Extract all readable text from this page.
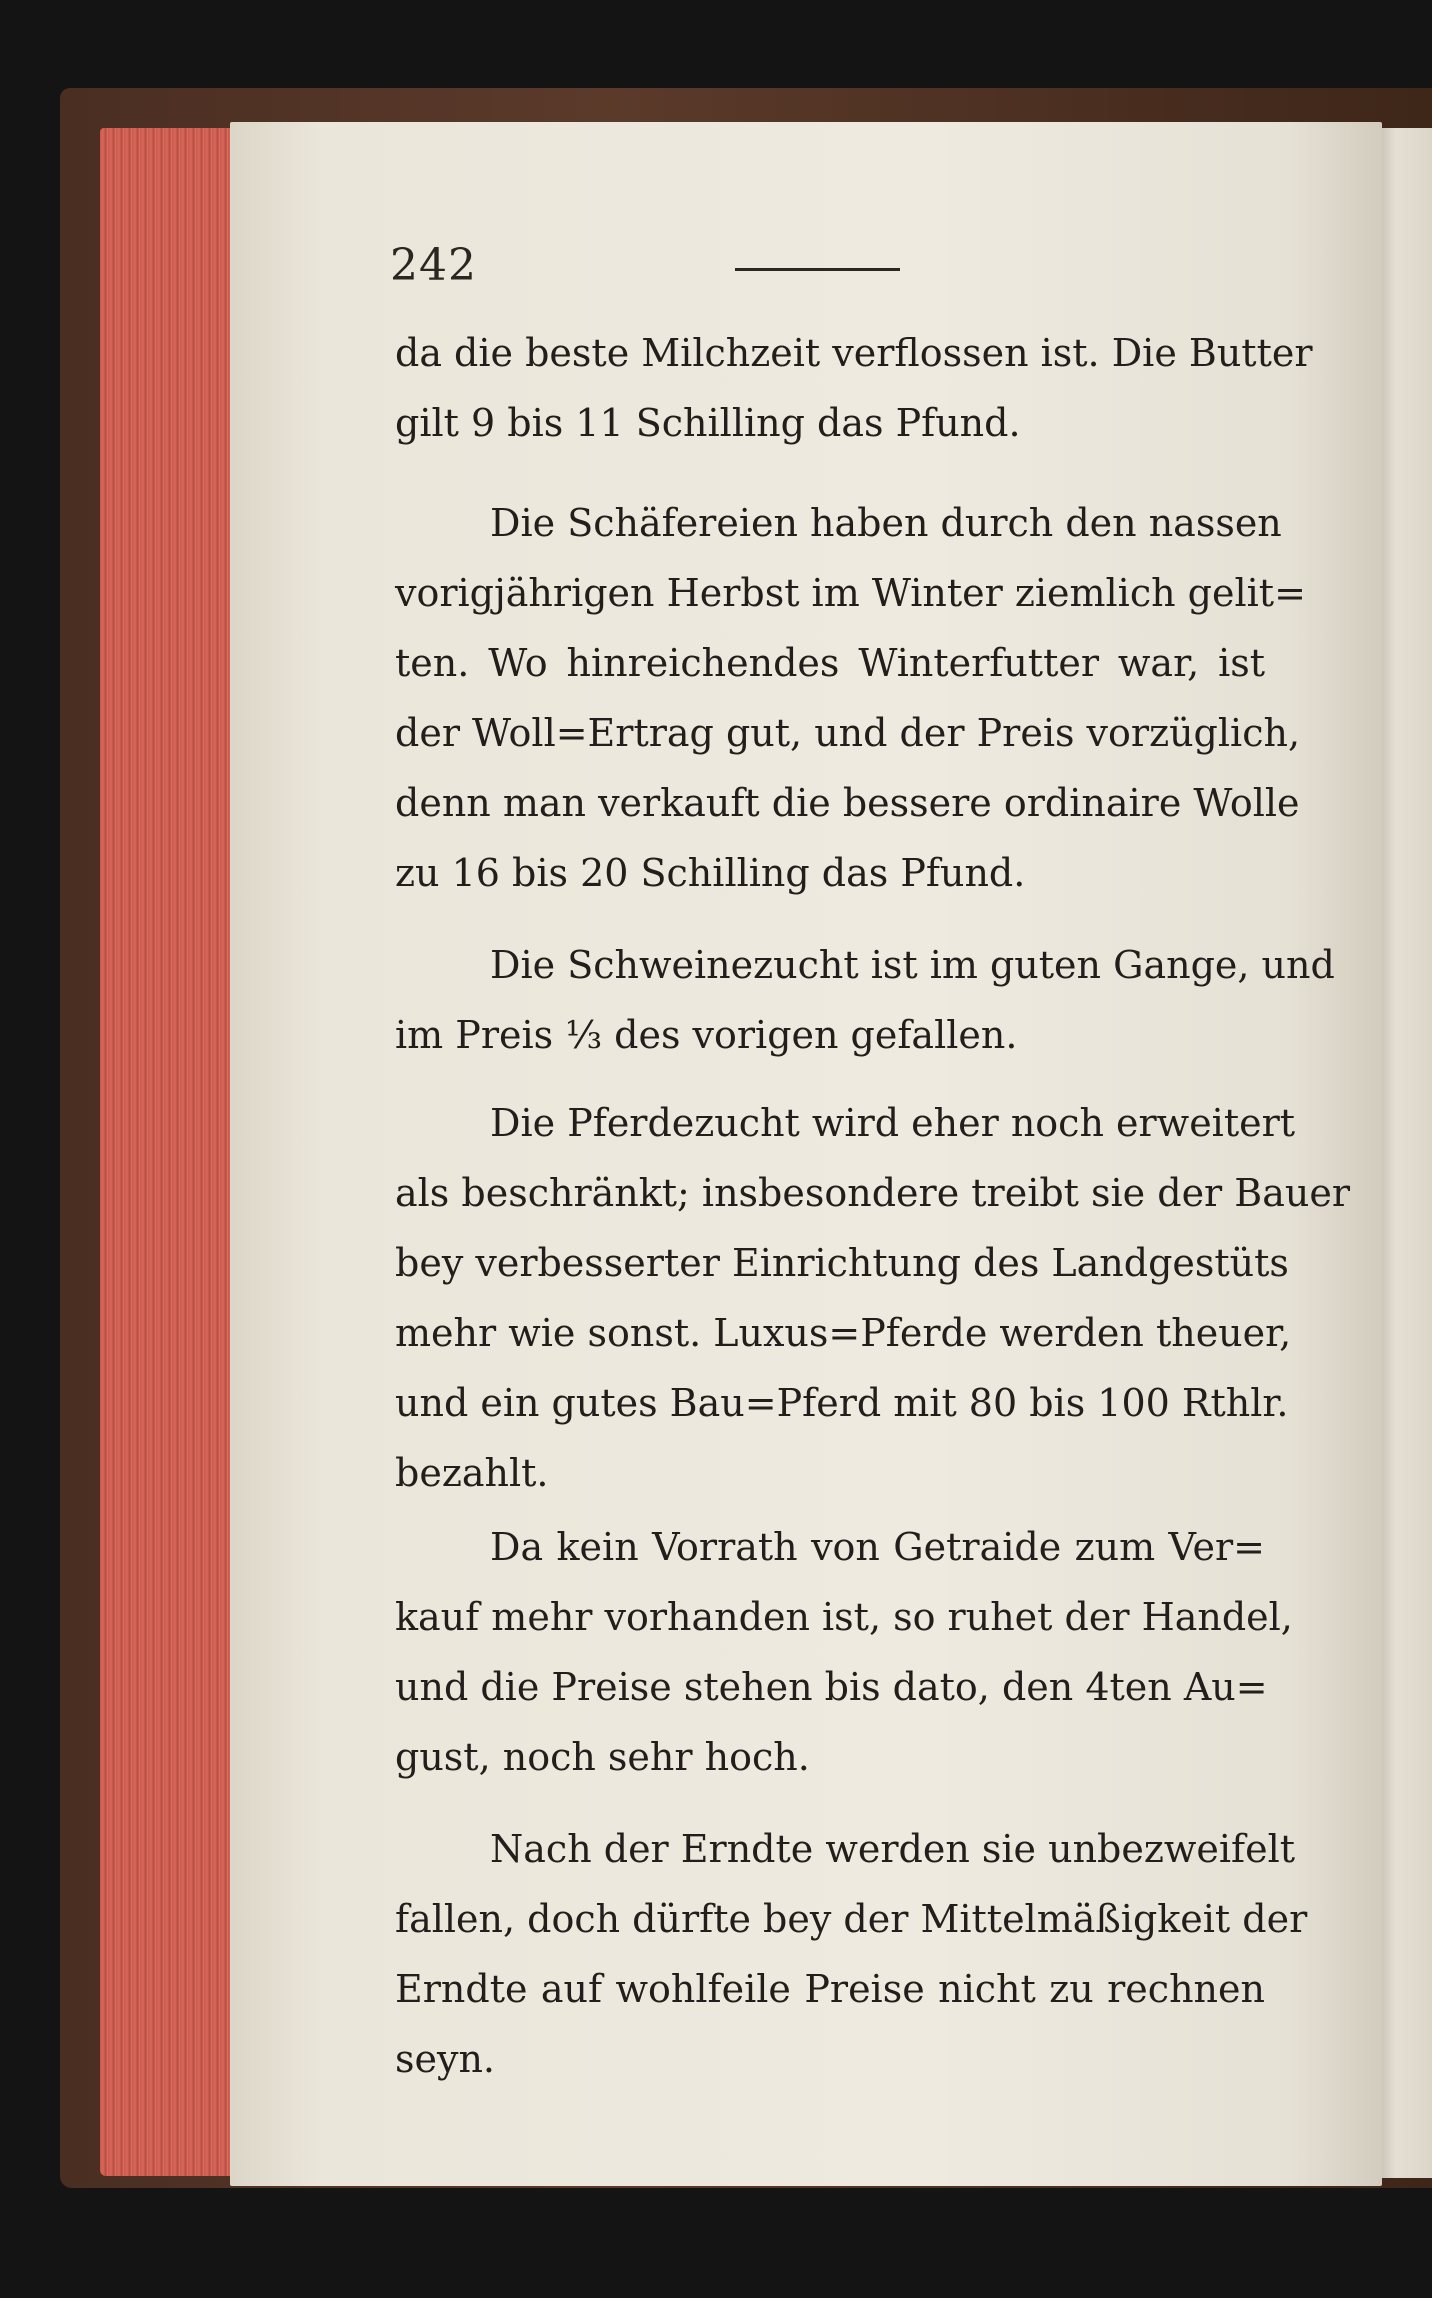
242
da die beste Milchzeit verflossen ist. Die Butter
gilt 9 bis 11 Schilling das Pfund.
Die Schäfereien haben durch den nassen
vorigjährigen Herbst im Winter ziemlich gelit=
ten. Wo hinreichendes Winterfutter war, ist
der Woll=Ertrag gut, und der Preis vorzüglich,
denn man verkauft die bessere ordinaire Wolle
zu 16 bis 20 Schilling das Pfund.
Die Schweinezucht ist im guten Gange, und
im Preis ⅓ des vorigen gefallen.
Die Pferdezucht wird eher noch erweitert
als beschränkt; insbesondere treibt sie der Bauer
bey verbesserter Einrichtung des Landgestüts
mehr wie sonst. Luxus=Pferde werden theuer,
und ein gutes Bau=Pferd mit 80 bis 100 Rthlr.
bezahlt.
Da kein Vorrath von Getraide zum Ver=
kauf mehr vorhanden ist, so ruhet der Handel,
und die Preise stehen bis dato, den 4ten Au=
gust, noch sehr hoch.
Nach der Erndte werden sie unbezweifelt
fallen, doch dürfte bey der Mittelmäßigkeit der
Erndte auf wohlfeile Preise nicht zu rechnen
seyn.
